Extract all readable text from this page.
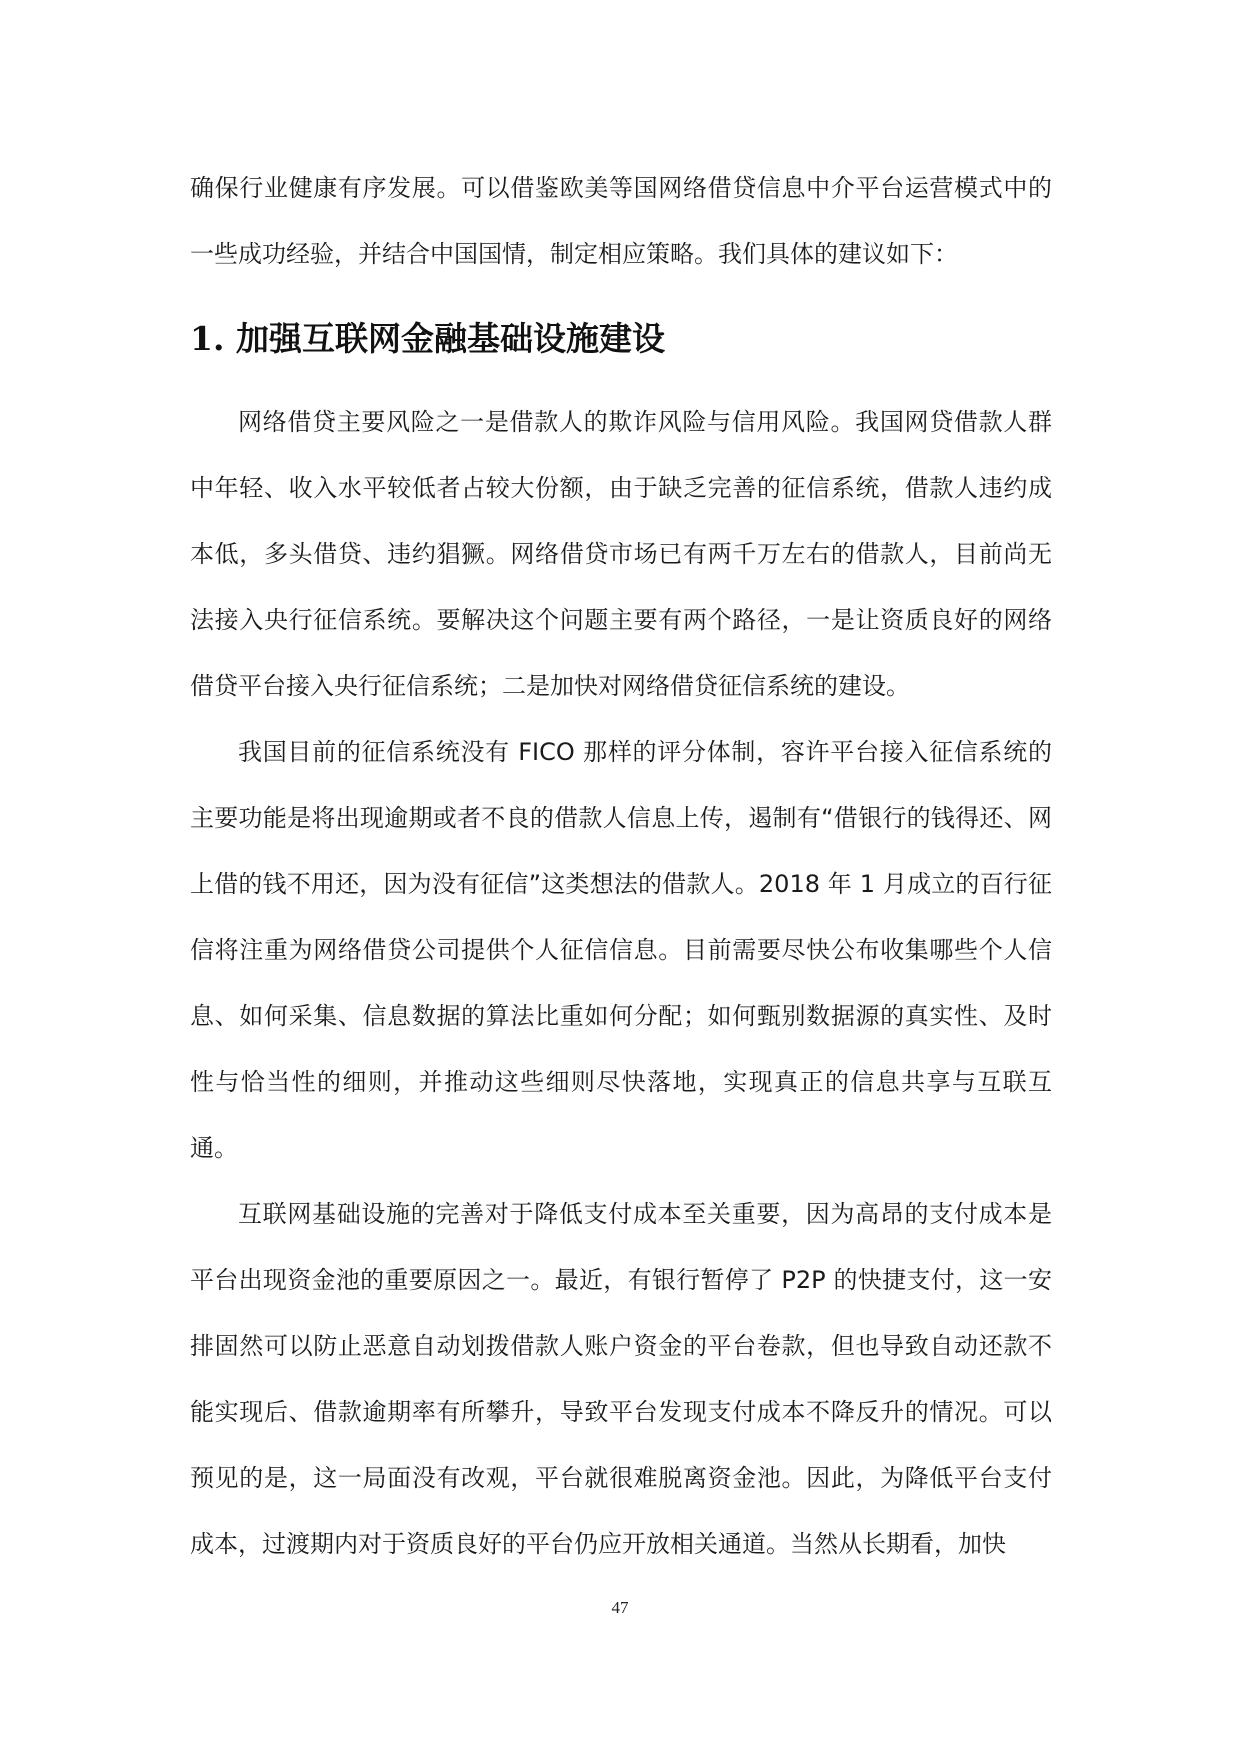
确保行业健康有序发展。可以借鉴欧美等国网络借贷信息中介平台运营模式中的一些成功经验，并结合中国国情，制定相应策略。我们具体的建议如下：

1. 加强互联网金融基础设施建设

网络借贷主要风险之一是借款人的欺诈风险与信用风险。我国网贷借款人群中年轻、收入水平较低者占较大份额，由于缺乏完善的征信系统，借款人违约成本低，多头借贷、违约猖獗。网络借贷市场已有两千万左右的借款人，目前尚无法接入央行征信系统。要解决这个问题主要有两个路径，一是让资质良好的网络借贷平台接入央行征信系统；二是加快对网络借贷征信系统的建设。

我国目前的征信系统没有 FICO 那样的评分体制，容许平台接入征信系统的主要功能是将出现逾期或者不良的借款人信息上传，遏制有“借银行的钱得还、网上借的钱不用还，因为没有征信”这类想法的借款人。2018 年 1 月成立的百行征信将注重为网络借贷公司提供个人征信信息。目前需要尽快公布收集哪些个人信息、如何采集、信息数据的算法比重如何分配；如何甄别数据源的真实性、及时性与恰当性的细则，并推动这些细则尽快落地，实现真正的信息共享与互联互通。

互联网基础设施的完善对于降低支付成本至关重要，因为高昂的支付成本是平台出现资金池的重要原因之一。最近，有银行暂停了 P2P 的快捷支付，这一安排固然可以防止恶意自动划拨借款人账户资金的平台卷款，但也导致自动还款不能实现后、借款逾期率有所攀升，导致平台发现支付成本不降反升的情况。可以预见的是，这一局面没有改观，平台就很难脱离资金池。因此，为降低平台支付成本，过渡期内对于资质良好的平台仍应开放相关通道。当然从长期看，加快

47
